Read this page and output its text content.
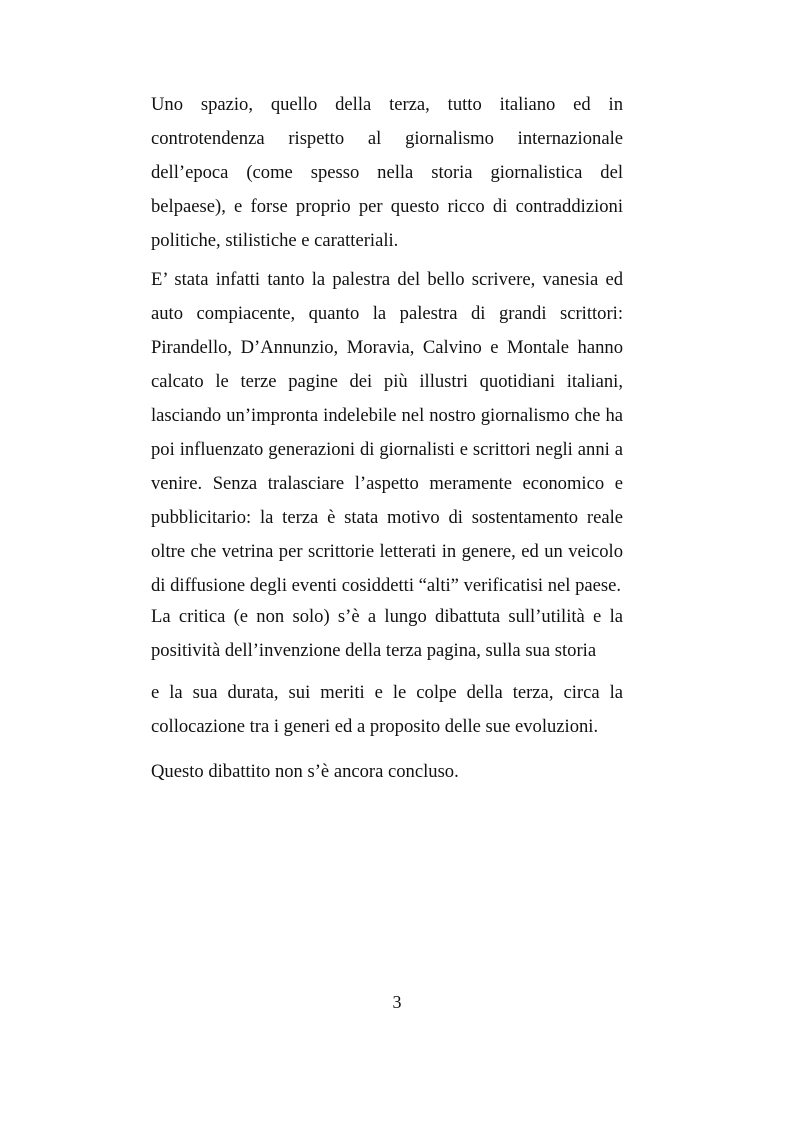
Uno spazio, quello della terza, tutto italiano ed in
controtendenza rispetto al giornalismo internazionale
dell’epoca (come spesso nella storia giornalistica del
belpaese), e forse proprio per questo ricco di contraddizioni
politiche, stilistiche e caratteriali.
E’ stata infatti tanto la palestra del bello scrivere, vanesia ed
auto compiacente, quanto la palestra di grandi scrittori:
Pirandello, D’Annunzio, Moravia, Calvino e Montale hanno
calcato le terze pagine dei più illustri quotidiani italiani,
lasciando un’impronta indelebile nel nostro giornalismo che ha
poi influenzato generazioni di giornalisti e scrittori negli anni a
venire. Senza tralasciare l’aspetto meramente economico e
pubblicitario: la terza è stata motivo di sostentamento reale
oltre che vetrina per scrittorie letterati in genere, ed un veicolo
di diffusione degli eventi cosiddetti “alti” verificatisi nel paese.
La critica (e non solo) s’è a lungo dibattuta sull’utilità e la
positività dell’invenzione della terza pagina, sulla sua storia
e la sua durata, sui meriti e le colpe della terza, circa la
collocazione tra i generi ed a proposito delle sue evoluzioni.
Questo dibattito non s’è ancora concluso.
3
